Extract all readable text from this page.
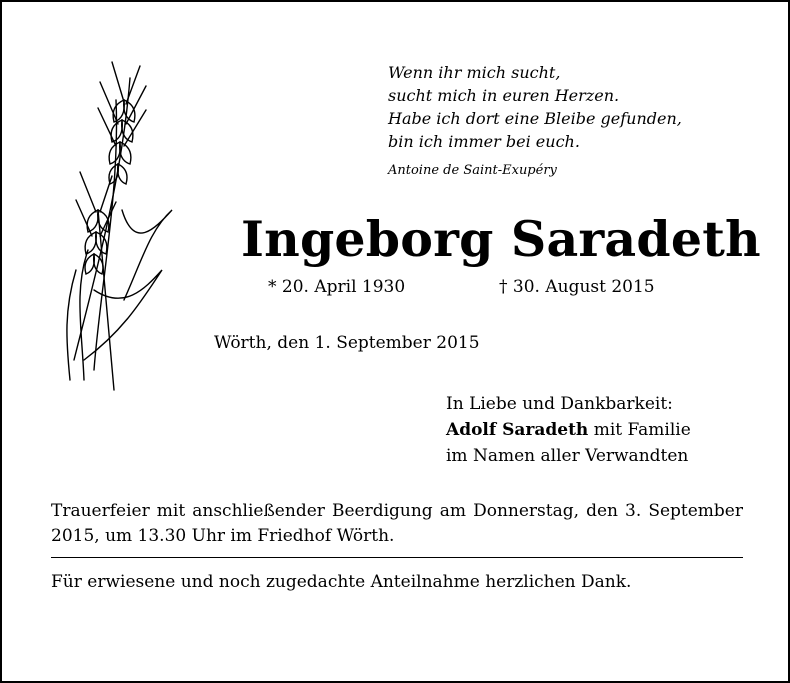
Wenn ihr mich sucht,
sucht mich in euren Herzen.
Habe ich dort eine Bleibe gefunden,
bin ich immer bei euch.
Antoine de Saint-Exupéry
Ingeborg Saradeth
* 20. April 1930	† 30. August 2015
Wörth, den 1. September 2015
In Liebe und Dankbarkeit:
Adolf Saradeth mit Familie
im Namen aller Verwandten
Trauerfeier mit anschließender Beerdigung am Donnerstag, den 3. September 2015, um 13.30 Uhr im Friedhof Wörth.
Für erwiesene und noch zugedachte Anteilnahme herzlichen Dank.
